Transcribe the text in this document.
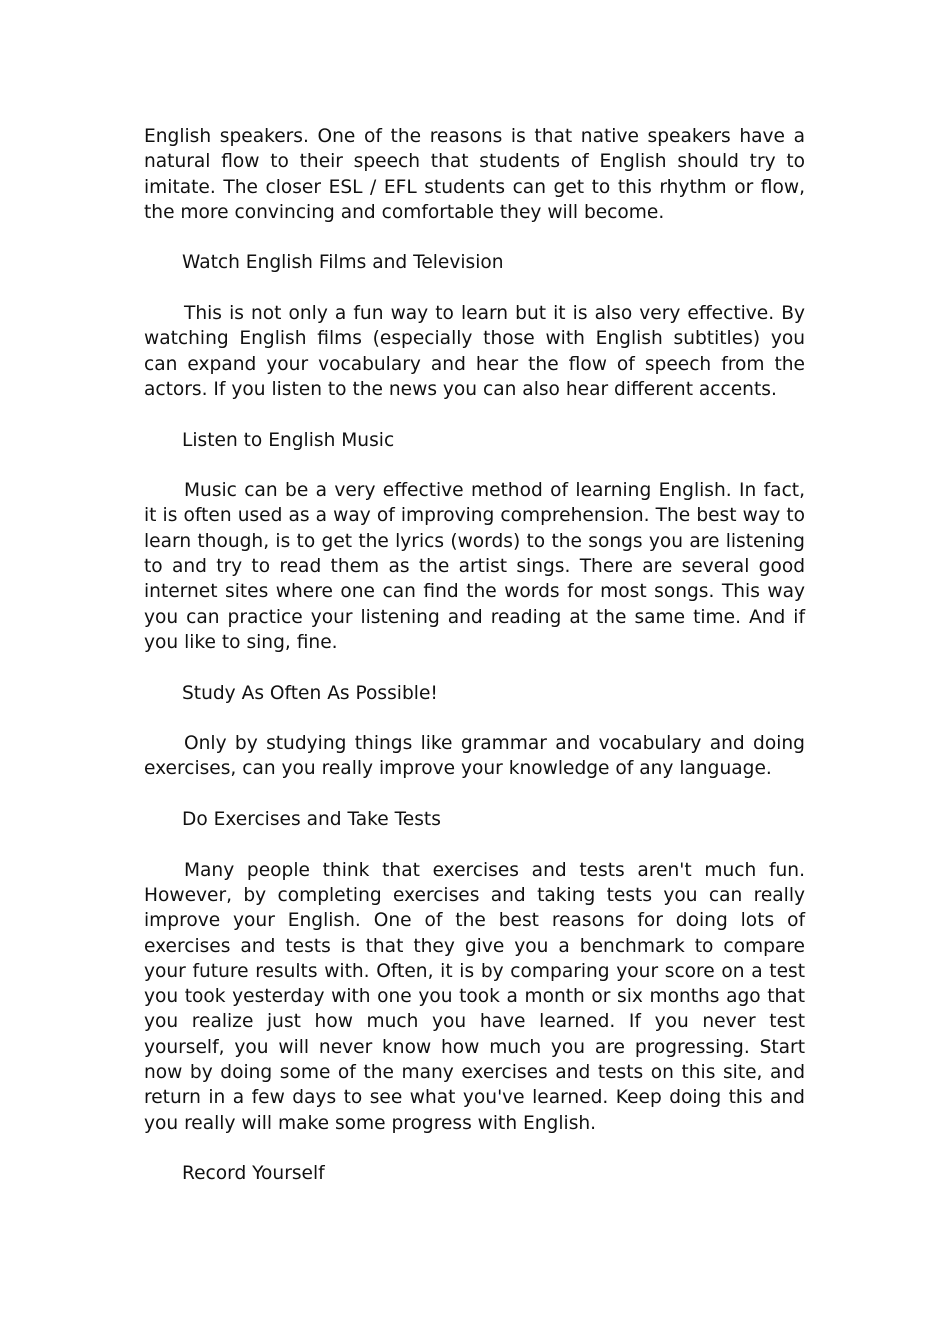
English speakers. One of the reasons is that native speakers have a natural flow to their speech that students of English should try to imitate. The closer ESL / EFL students can get to this rhythm or flow, the more convincing and comfortable they will become.

Watch English Films and Television

This is not only a fun way to learn but it is also very effective. By watching English films (especially those with English subtitles) you can expand your vocabulary and hear the flow of speech from the actors. If you listen to the news you can also hear different accents.

Listen to English Music

Music can be a very effective method of learning English. In fact, it is often used as a way of improving comprehension. The best way to learn though, is to get the lyrics (words) to the songs you are listening to and try to read them as the artist sings. There are several good internet sites where one can find the words for most songs. This way you can practice your listening and reading at the same time. And if you like to sing, fine.

Study As Often As Possible!

Only by studying things like grammar and vocabulary and doing exercises, can you really improve your knowledge of any language.

Do Exercises and Take Tests

Many people think that exercises and tests aren't much fun. However, by completing exercises and taking tests you can really improve your English. One of the best reasons for doing lots of exercises and tests is that they give you a benchmark to compare your future results with. Often, it is by comparing your score on a test you took yesterday with one you took a month or six months ago that you realize just how much you have learned. If you never test yourself, you will never know how much you are progressing. Start now by doing some of the many exercises and tests on this site, and return in a few days to see what you've learned. Keep doing this and you really will make some progress with English.

Record Yourself
